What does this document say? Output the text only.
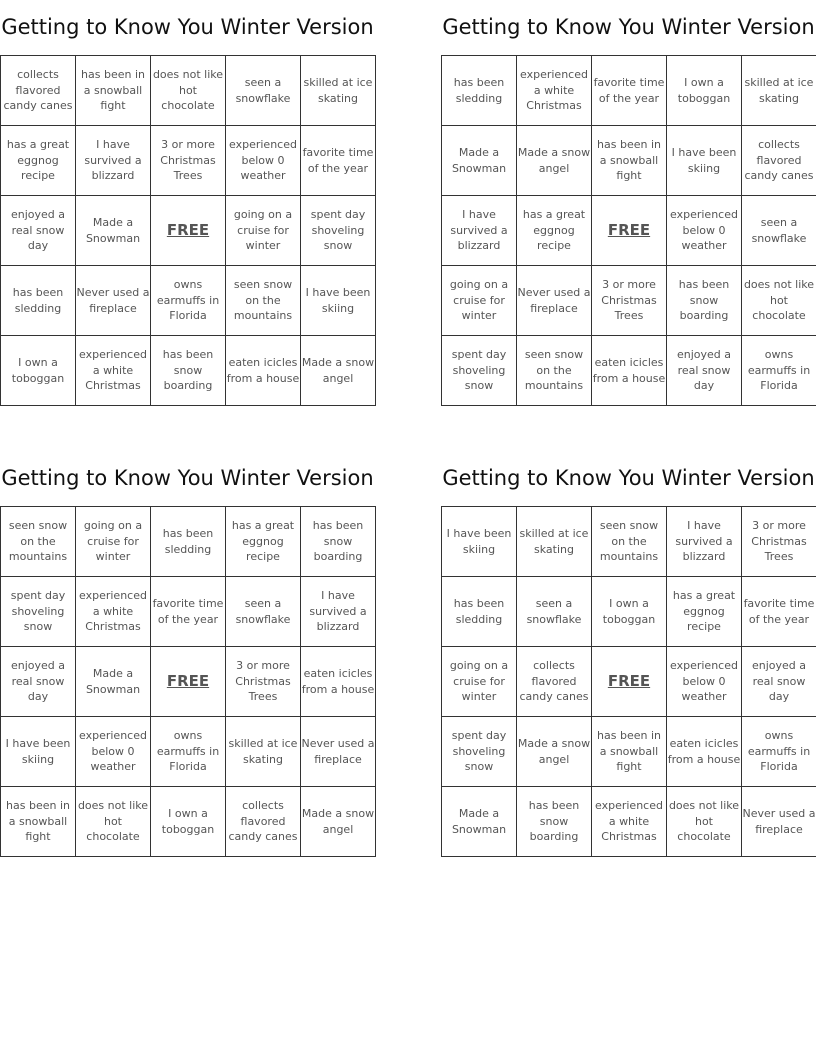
Getting to Know You Winter Version
collects flavored candy canes	has been in a snowball fight	does not like hot chocolate	seen a snowflake	skilled at ice skating
has a great eggnog recipe	I have survived a blizzard	3 or more Christmas Trees	experienced below 0 weather	favorite time of the year
enjoyed a real snow day	Made a Snowman	FREE	going on a cruise for winter	spent day shoveling snow
has been sledding	Never used a fireplace	owns earmuffs in Florida	seen snow on the mountains	I have been skiing
I own a toboggan	experienced a white Christmas	has been snow boarding	eaten icicles from a house	Made a snow angel
Getting to Know You Winter Version
has been sledding	experienced a white Christmas	favorite time of the year	I own a toboggan	skilled at ice skating
Made a Snowman	Made a snow angel	has been in a snowball fight	I have been skiing	collects flavored candy canes
I have survived a blizzard	has a great eggnog recipe	FREE	experienced below 0 weather	seen a snowflake
going on a cruise for winter	Never used a fireplace	3 or more Christmas Trees	has been snow boarding	does not like hot chocolate
spent day shoveling snow	seen snow on the mountains	eaten icicles from a house	enjoyed a real snow day	owns earmuffs in Florida
Getting to Know You Winter Version
seen snow on the mountains	going on a cruise for winter	has been sledding	has a great eggnog recipe	has been snow boarding
spent day shoveling snow	experienced a white Christmas	favorite time of the year	seen a snowflake	I have survived a blizzard
enjoyed a real snow day	Made a Snowman	FREE	3 or more Christmas Trees	eaten icicles from a house
I have been skiing	experienced below 0 weather	owns earmuffs in Florida	skilled at ice skating	Never used a fireplace
has been in a snowball fight	does not like hot chocolate	I own a toboggan	collects flavored candy canes	Made a snow angel
Getting to Know You Winter Version
I have been skiing	skilled at ice skating	seen snow on the mountains	I have survived a blizzard	3 or more Christmas Trees
has been sledding	seen a snowflake	I own a toboggan	has a great eggnog recipe	favorite time of the year
going on a cruise for winter	collects flavored candy canes	FREE	experienced below 0 weather	enjoyed a real snow day
spent day shoveling snow	Made a snow angel	has been in a snowball fight	eaten icicles from a house	owns earmuffs in Florida
Made a Snowman	has been snow boarding	experienced a white Christmas	does not like hot chocolate	Never used a fireplace
